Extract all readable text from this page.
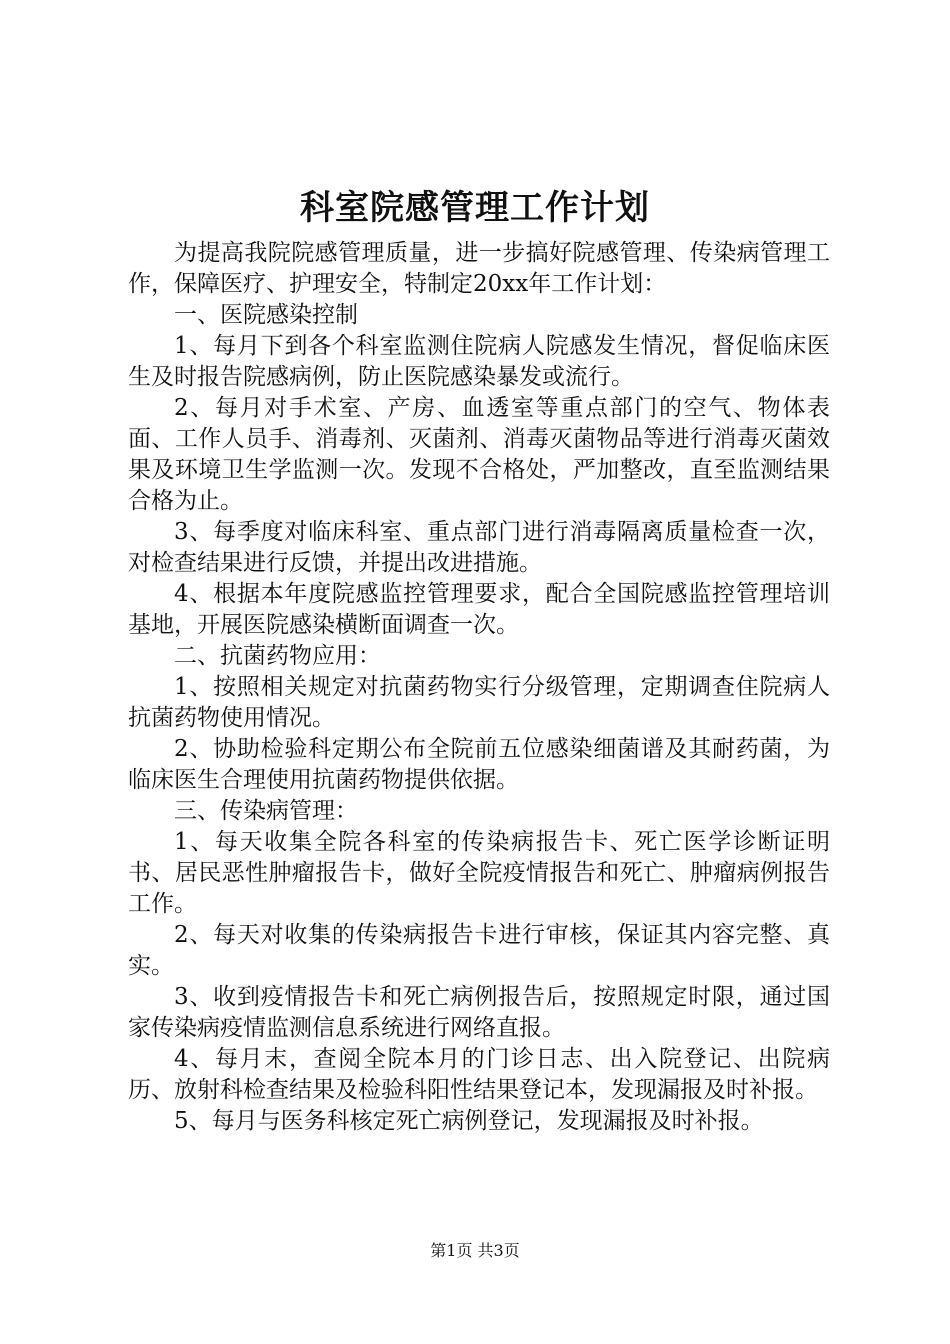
科室院感管理工作计划

为提高我院院感管理质量，进一步搞好院感管理、传染病管理工作，保障医疗、护理安全，特制定20xx年工作计划：

一、医院感染控制

1、每月下到各个科室监测住院病人院感发生情况，督促临床医生及时报告院感病例，防止医院感染暴发或流行。

2、每月对手术室、产房、血透室等重点部门的空气、物体表面、工作人员手、消毒剂、灭菌剂、消毒灭菌物品等进行消毒灭菌效果及环境卫生学监测一次。发现不合格处，严加整改，直至监测结果合格为止。

3、每季度对临床科室、重点部门进行消毒隔离质量检查一次，对检查结果进行反馈，并提出改进措施。

4、根据本年度院感监控管理要求，配合全国院感监控管理培训基地，开展医院感染横断面调查一次。

二、抗菌药物应用：

1、按照相关规定对抗菌药物实行分级管理，定期调查住院病人抗菌药物使用情况。

2、协助检验科定期公布全院前五位感染细菌谱及其耐药菌，为临床医生合理使用抗菌药物提供依据。

三、传染病管理：

1、每天收集全院各科室的传染病报告卡、死亡医学诊断证明书、居民恶性肿瘤报告卡，做好全院疫情报告和死亡、肿瘤病例报告工作。

2、每天对收集的传染病报告卡进行审核，保证其内容完整、真实。

3、收到疫情报告卡和死亡病例报告后，按照规定时限，通过国家传染病疫情监测信息系统进行网络直报。

4、每月末，查阅全院本月的门诊日志、出入院登记、出院病历、放射科检查结果及检验科阳性结果登记本，发现漏报及时补报。

5、每月与医务科核定死亡病例登记，发现漏报及时补报。

第1页 共3页
